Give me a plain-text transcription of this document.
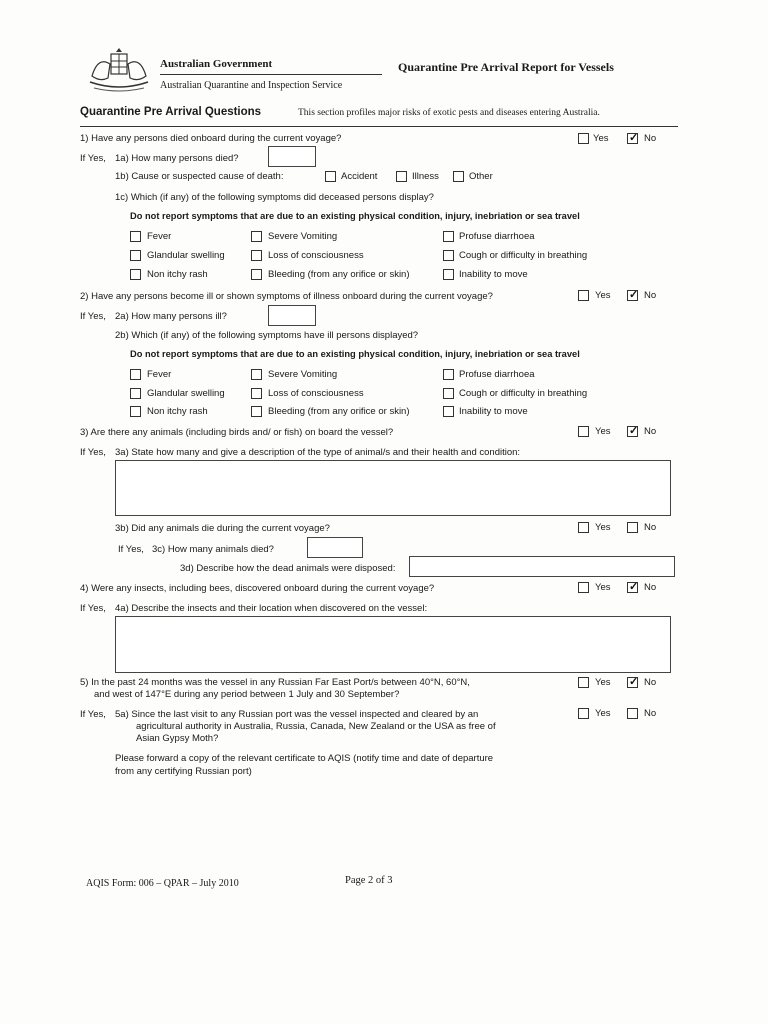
Australian Government
Australian Quarantine and Inspection Service
Quarantine Pre Arrival Report for Vessels
Quarantine Pre Arrival Questions	This section profiles major risks of exotic pests and diseases entering Australia.
1) Have any persons died onboard during the current voyage?	Yes ✓	No
If Yes, 1a) How many persons died?
1b) Cause or suspected cause of death:	Accident	Illness	Other
1c) Which (if any) of the following symptoms did deceased persons display?
Do not report symptoms that are due to an existing physical condition, injury, inebriation or sea travel
Fever	Severe Vomiting	Profuse diarrhoea
Glandular swelling	Loss of consciousness	Cough or difficulty in breathing
Non itchy rash	Bleeding (from any orifice or skin)	Inability to move
2) Have any persons become ill or shown symptoms of illness onboard during the current voyage?	Yes ✓	No
If Yes, 2a) How many persons ill?
2b) Which (if any) of the following symptoms have ill persons displayed?
Do not report symptoms that are due to an existing physical condition, injury, inebriation or sea travel
Fever	Severe Vomiting	Profuse diarrhoea
Glandular swelling	Loss of consciousness	Cough or difficulty in breathing
Non itchy rash	Bleeding (from any orifice or skin)	Inability to move
3) Are there any animals (including birds and/ or fish) on board the vessel?	Yes ✓	No
If Yes, 3a) State how many and give a description of the type of animal/s and their health and condition:
3b) Did any animals die during the current voyage?	Yes	No
If Yes, 3c) How many animals died?
3d) Describe how the dead animals were disposed:
4) Were any insects, including bees, discovered onboard during the current voyage?	Yes ✓	No
If Yes, 4a) Describe the insects and their location when discovered on the vessel:
5) In the past 24 months was the vessel in any Russian Far East Port/s between 40°N, 60°N,
and west of 147°E during any period between 1 July and 30 September?
Yes ✓	No
If Yes, 5a) Since the last visit to any Russian port was the vessel inspected and cleared by an
agricultural authority in Australia, Russia, Canada, New Zealand or the USA as free of
Asian Gypsy Moth?
Yes	No
Please forward a copy of the relevant certificate to AQIS (notify time and date of departure
from any certifying Russian port)
AQIS Form: 006 – QPAR – July 2010	Page 2 of 3
